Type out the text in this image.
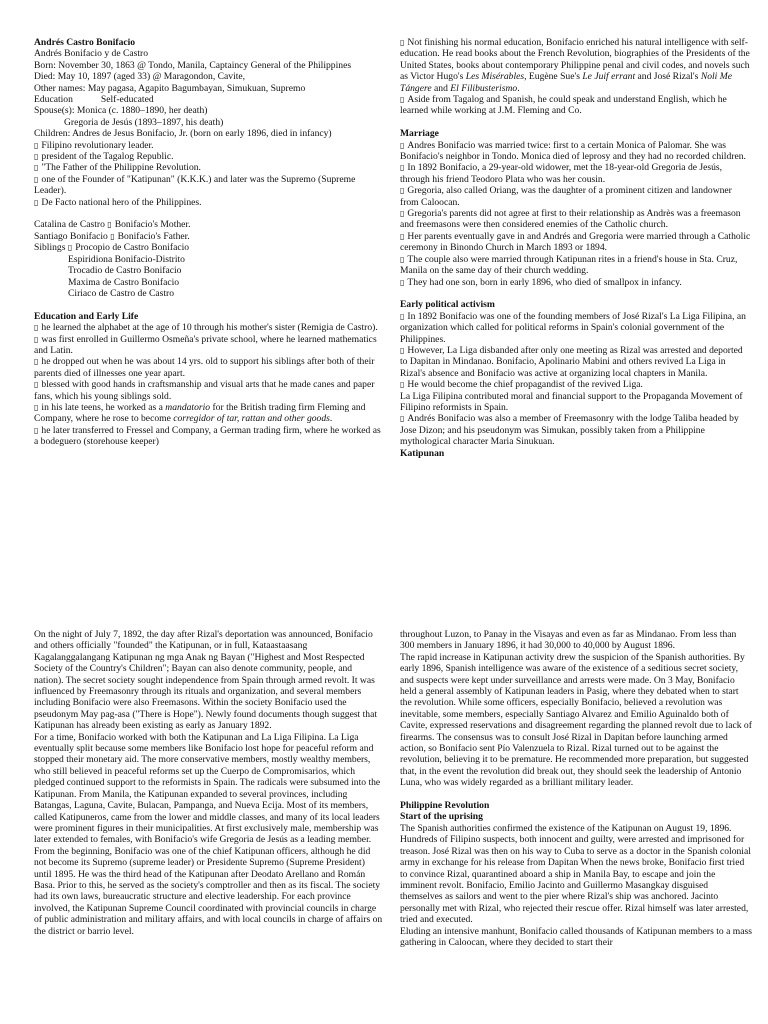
Andrés Castro Bonifacio

Andrés Bonifacio y de Castro

Born: November 30, 1863 @ Tondo, Manila, Captaincy General of the Philippines

Died: May 10, 1897 (aged 33) @ Maragondon, Cavite,

Other names: May pagasa, Agapito Bagumbayan, Simukuan, Supremo

Education	Self-educated

Spouse(s): Monica (c. 1880–1890, her death)

Gregoria de Jesús (1893–1897, his death)

Children: Andres de Jesus Bonifacio, Jr. (born on early 1896, died in infancy)

▯ Filipino revolutionary leader.

▯ president of the Tagalog Republic.

▯ "The Father of the Philippine Revolution.

▯ one of the Founder of "Katipunan" (K.K.K.) and later was the Supremo (Supreme Leader).

▯ De Facto national hero of the Philippines.

Catalina de Castro ▯ Bonifacio's Mother.

Santiago Bonifacio ▯ Bonifacio's Father.

Siblings ▯ Procopio de Castro Bonifacio

Espiridiona Bonifacio-Distrito

Trocadio de Castro Bonifacio

Maxima de Castro Bonifacio

Ciriaco de Castro de Castro

Education and Early Life

▯ he learned the alphabet at the age of 10 through his mother's sister (Remigia de Castro).

▯ was first enrolled in Guillermo Osmeña's private school, where he learned mathematics and Latin.

▯ he dropped out when he was about 14 yrs. old to support his siblings after both of their parents died of illnesses one year apart.

▯ blessed with good hands in craftsmanship and visual arts that he made canes and paper fans, which his young siblings sold.

▯ in his late teens, he worked as a mandatorio for the British trading firm Fleming and Company, where he rose to become corregidor of tar, rattan and other goods.

▯ he later transferred to Fressel and Company, a German trading firm, where he worked as a bodeguero (storehouse keeper)

▯ Not finishing his normal education, Bonifacio enriched his natural intelligence with self-education. He read books about the French Revolution, biographies of the Presidents of the United States, books about contemporary Philippine penal and civil codes, and novels such as Victor Hugo's Les Misérables, Eugène Sue's Le Juif errant and José Rizal's Noli Me Tángere and El Filibusterismo.

▯ Aside from Tagalog and Spanish, he could speak and understand English, which he learned while working at J.M. Fleming and Co.

Marriage

▯ Andres Bonifacio was married twice: first to a certain Monica of Palomar. She was Bonifacio's neighbor in Tondo. Monica died of leprosy and they had no recorded children.

▯ In 1892 Bonifacio, a 29-year-old widower, met the 18-year-old Gregoria de Jesús, through his friend Teodoro Plata who was her cousin.

▯ Gregoria, also called Oriang, was the daughter of a prominent citizen and landowner from Caloocan.

▯ Gregoria's parents did not agree at first to their relationship as Andrès was a freemason and freemasons were then considered enemies of the Catholic church.

▯ Her parents eventually gave in and Andrés and Gregoria were married through a Catholic ceremony in Binondo Church in March 1893 or 1894.

▯ The couple also were married through Katipunan rites in a friend's house in Sta. Cruz, Manila on the same day of their church wedding.

▯ They had one son, born in early 1896, who died of smallpox in infancy.

Early political activism

▯ In 1892 Bonifacio was one of the founding members of José Rizal's La Liga Filipina, an organization which called for political reforms in Spain's colonial government of the Philippines.

▯ However, La Liga disbanded after only one meeting as Rizal was arrested and deported to Dapitan in Mindanao. Bonifacio, Apolinario Mabini and others revived La Liga in Rizal's absence and Bonifacio was active at organizing local chapters in Manila.

▯ He would become the chief propagandist of the revived Liga.

La Liga Filipina contributed moral and financial support to the Propaganda Movement of Filipino reformists in Spain.

▯ Andrés Bonifacio was also a member of Freemasonry with the lodge Taliba headed by Jose Dizon; and his pseudonym was Simukan, possibly taken from a Philippine mythological character Maria Sinukuan.

Katipunan

On the night of July 7, 1892, the day after Rizal's deportation was announced, Bonifacio and others officially "founded" the Katipunan, or in full, Kataastaasang Kagalanggalangang Katipunan ng mga Anak ng Bayan ("Highest and Most Respected Society of the Country's Children"; Bayan can also denote community, people, and nation). The secret society sought independence from Spain through armed revolt. It was influenced by Freemasonry through its rituals and organization, and several members including Bonifacio were also Freemasons. Within the society Bonifacio used the pseudonym May pag-asa ("There is Hope"). Newly found documents though suggest that Katipunan has already been existing as early as January 1892.

For a time, Bonifacio worked with both the Katipunan and La Liga Filipina. La Liga eventually split because some members like Bonifacio lost hope for peaceful reform and stopped their monetary aid. The more conservative members, mostly wealthy members, who still believed in peaceful reforms set up the Cuerpo de Compromisarios, which pledged continued support to the reformists in Spain. The radicals were subsumed into the Katipunan. From Manila, the Katipunan expanded to several provinces, including Batangas, Laguna, Cavite, Bulacan, Pampanga, and Nueva Ecija. Most of its members, called Katipuneros, came from the lower and middle classes, and many of its local leaders were prominent figures in their municipalities. At first exclusively male, membership was later extended to females, with Bonifacio's wife Gregoria de Jesús as a leading member.

From the beginning, Bonifacio was one of the chief Katipunan officers, although he did not become its Supremo (supreme leader) or Presidente Supremo (Supreme President) until 1895. He was the third head of the Katipunan after Deodato Arellano and Román Basa. Prior to this, he served as the society's comptroller and then as its fiscal. The society had its own laws, bureaucratic structure and elective leadership. For each province involved, the Katipunan Supreme Council coordinated with provincial councils in charge of public administration and military affairs, and with local councils in charge of affairs on the district or barrio level.

throughout Luzon, to Panay in the Visayas and even as far as Mindanao. From less than 300 members in January 1896, it had 30,000 to 40,000 by August 1896.

The rapid increase in Katipunan activity drew the suspicion of the Spanish authorities. By early 1896, Spanish intelligence was aware of the existence of a seditious secret society, and suspects were kept under surveillance and arrests were made. On 3 May, Bonifacio held a general assembly of Katipunan leaders in Pasig, where they debated when to start the revolution. While some officers, especially Bonifacio, believed a revolution was inevitable, some members, especially Santiago Alvarez and Emilio Aguinaldo both of Cavite, expressed reservations and disagreement regarding the planned revolt due to lack of firearms. The consensus was to consult José Rizal in Dapitan before launching armed action, so Bonifacio sent Pío Valenzuela to Rizal. Rizal turned out to be against the revolution, believing it to be premature. He recommended more preparation, but suggested that, in the event the revolution did break out, they should seek the leadership of Antonio Luna, who was widely regarded as a brilliant military leader.

Philippine Revolution

Start of the uprising

The Spanish authorities confirmed the existence of the Katipunan on August 19, 1896. Hundreds of Filipino suspects, both innocent and guilty, were arrested and imprisoned for treason. José Rizal was then on his way to Cuba to serve as a doctor in the Spanish colonial army in exchange for his release from Dapitan When the news broke, Bonifacio first tried to convince Rizal, quarantined aboard a ship in Manila Bay, to escape and join the imminent revolt. Bonifacio, Emilio Jacinto and Guillermo Masangkay disguised themselves as sailors and went to the pier where Rizal's ship was anchored. Jacinto personally met with Rizal, who rejected their rescue offer. Rizal himself was later arrested, tried and executed.

Eluding an intensive manhunt, Bonifacio called thousands of Katipunan members to a mass gathering in Caloocan, where they decided to start their
